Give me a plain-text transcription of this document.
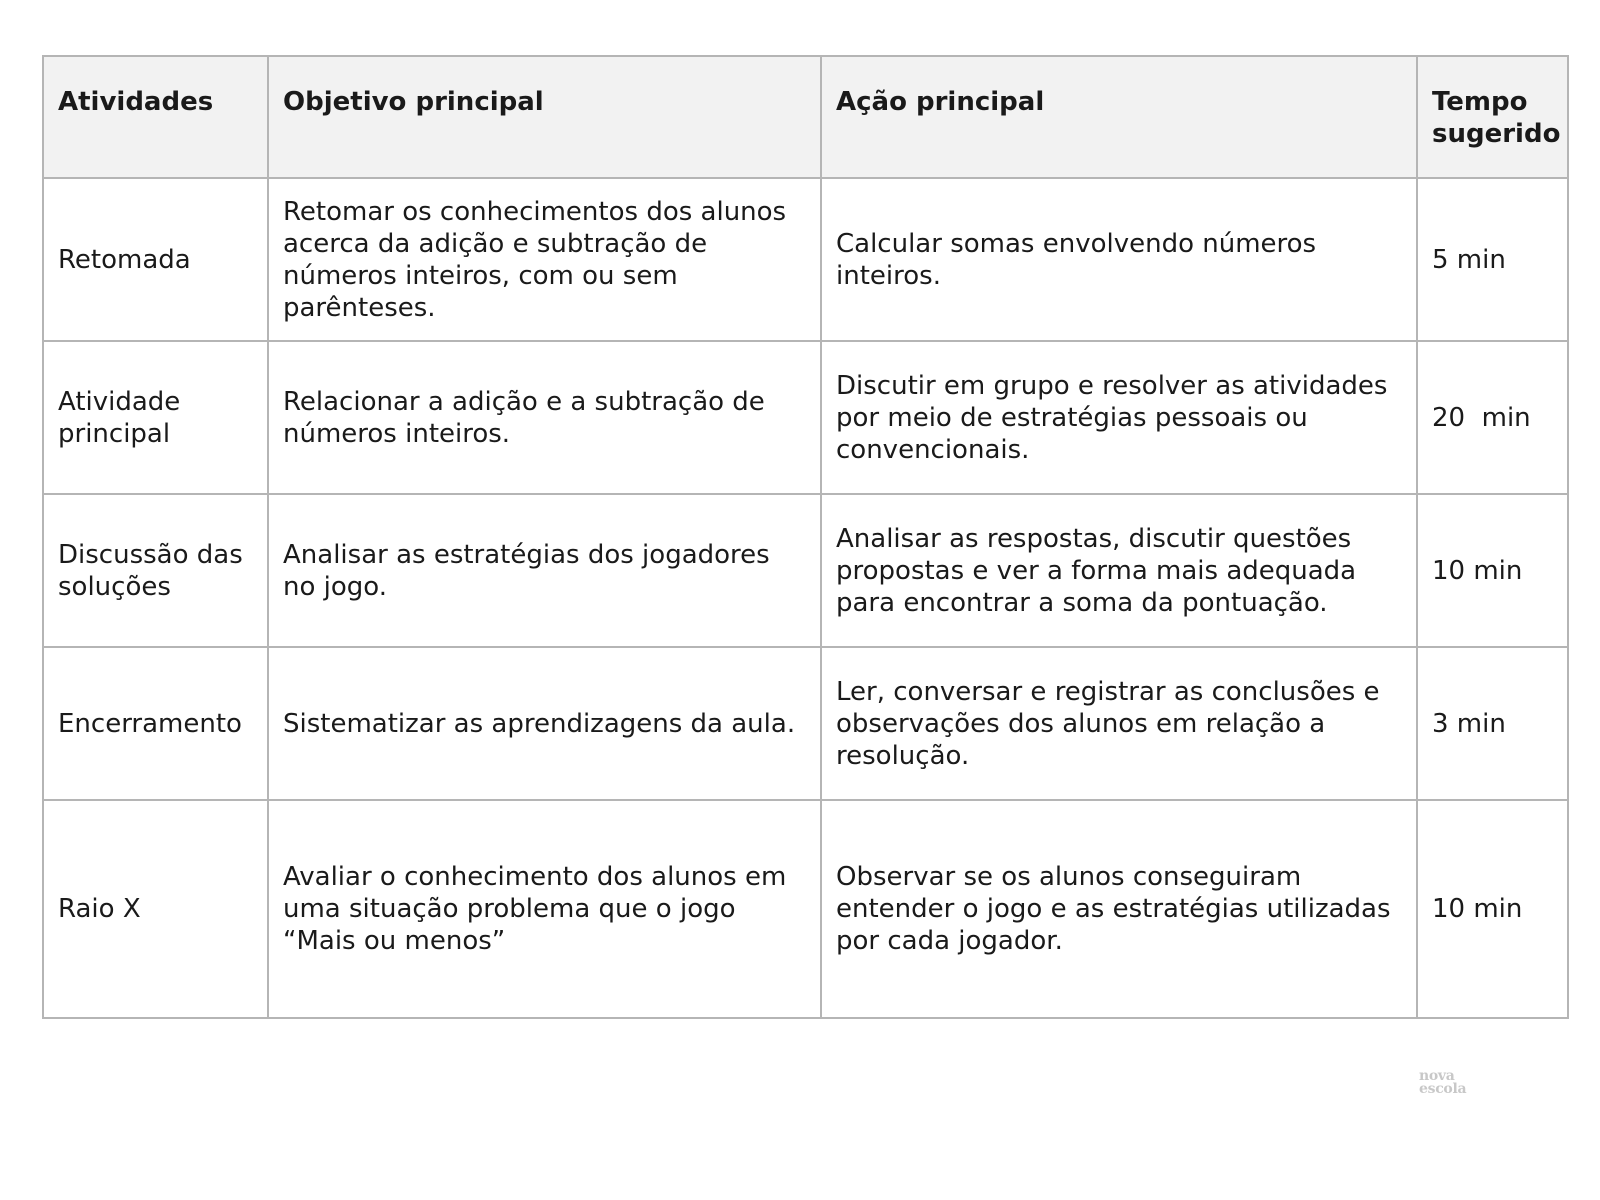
Atividades	Objetivo principal	Ação principal	Tempo sugerido
Retomada	Retomar os conhecimentos dos alunos acerca da adição e subtração de números inteiros, com ou sem parênteses.	Calcular somas envolvendo números inteiros.	5 min
Atividade principal	Relacionar a adição e a subtração de números inteiros.	Discutir em grupo e resolver as atividades por meio de estratégias pessoais ou convencionais.	20  min
Discussão das soluções	Analisar as estratégias dos jogadores no jogo.	Analisar as respostas, discutir questões propostas e ver a forma mais adequada para encontrar a soma da pontuação.	10 min
Encerramento	Sistematizar as aprendizagens da aula.	Ler, conversar e registrar as conclusões e observações dos alunos em relação a resolução.	3 min
Raio X	Avaliar o conhecimento dos alunos em uma situação problema que o jogo “Mais ou menos”	Observar se os alunos conseguiram entender o jogo e as estratégias utilizadas por cada jogador.	10 min
nova
escola
